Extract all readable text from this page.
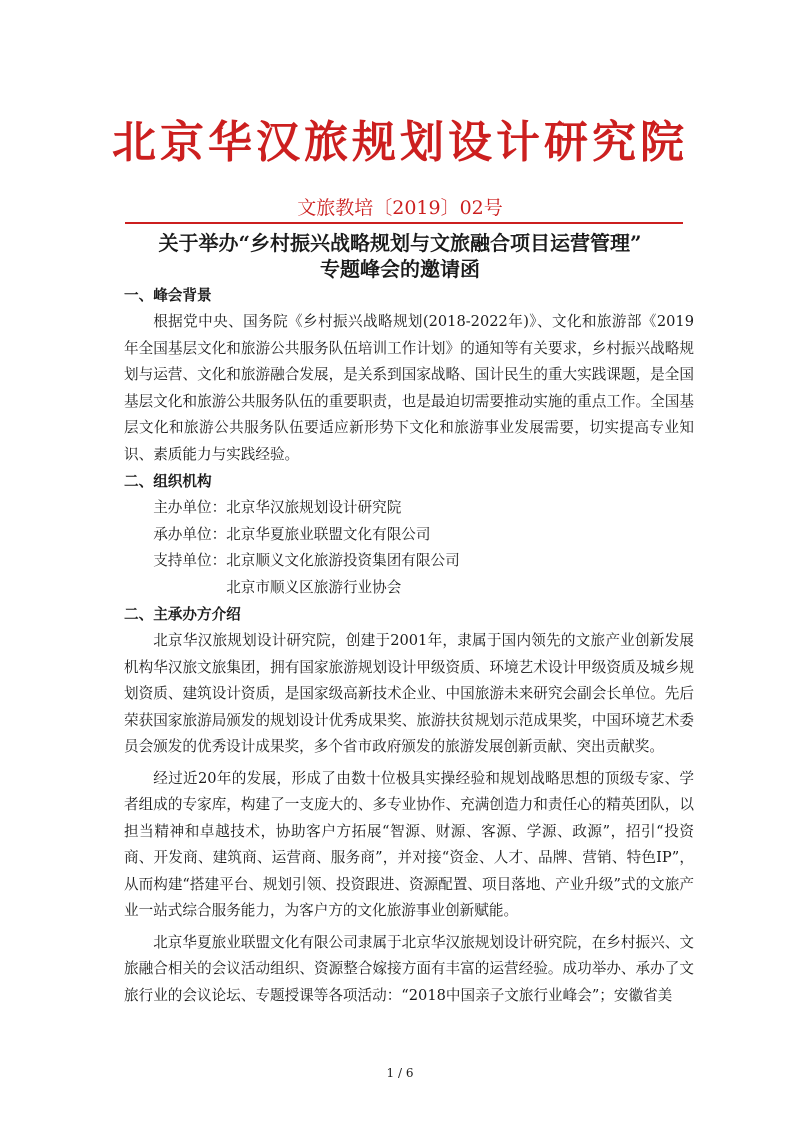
北京华汉旅规划设计研究院
文旅教培〔2019〕02号
关于举办“乡村振兴战略规划与文旅融合项目运营管理”
专题峰会的邀请函
一、峰会背景

根据党中央、国务院《乡村振兴战略规划(2018-2022年)》、文化和旅游部《2019年全国基层文化和旅游公共服务队伍培训工作计划》的通知等有关要求，乡村振兴战略规划与运营、文化和旅游融合发展，是关系到国家战略、国计民生的重大实践课题，是全国基层文化和旅游公共服务队伍的重要职责，也是最迫切需要推动实施的重点工作。全国基层文化和旅游公共服务队伍要适应新形势下文化和旅游事业发展需要，切实提高专业知识、素质能力与实践经验。

二、组织机构
主办单位：北京华汉旅规划设计研究院
承办单位：北京华夏旅业联盟文化有限公司
支持单位：北京顺义文化旅游投资集团有限公司
北京市顺义区旅游行业协会
二、主承办方介绍

北京华汉旅规划设计研究院，创建于2001年，隶属于国内领先的文旅产业创新发展机构华汉旅文旅集团，拥有国家旅游规划设计甲级资质、环境艺术设计甲级资质及城乡规划资质、建筑设计资质，是国家级高新技术企业、中国旅游未来研究会副会长单位。先后荣获国家旅游局颁发的规划设计优秀成果奖、旅游扶贫规划示范成果奖，中国环境艺术委员会颁发的优秀设计成果奖，多个省市政府颁发的旅游发展创新贡献、突出贡献奖。

经过近20年的发展，形成了由数十位极具实操经验和规划战略思想的顶级专家、学者组成的专家库，构建了一支庞大的、多专业协作、充满创造力和责任心的精英团队，以担当精神和卓越技术，协助客户方拓展“智源、财源、客源、学源、政源”，招引“投资商、开发商、建筑商、运营商、服务商”，并对接“资金、人才、品牌、营销、特色IP”，从而构建“搭建平台、规划引领、投资跟进、资源配置、项目落地、产业升级”式的文旅产业一站式综合服务能力，为客户方的文化旅游事业创新赋能。

北京华夏旅业联盟文化有限公司隶属于北京华汉旅规划设计研究院，在乡村振兴、文旅融合相关的会议活动组织、资源整合嫁接方面有丰富的运营经验。成功举办、承办了文旅行业的会议论坛、专题授课等各项活动：“2018中国亲子文旅行业峰会”；安徽省美

1 / 6
